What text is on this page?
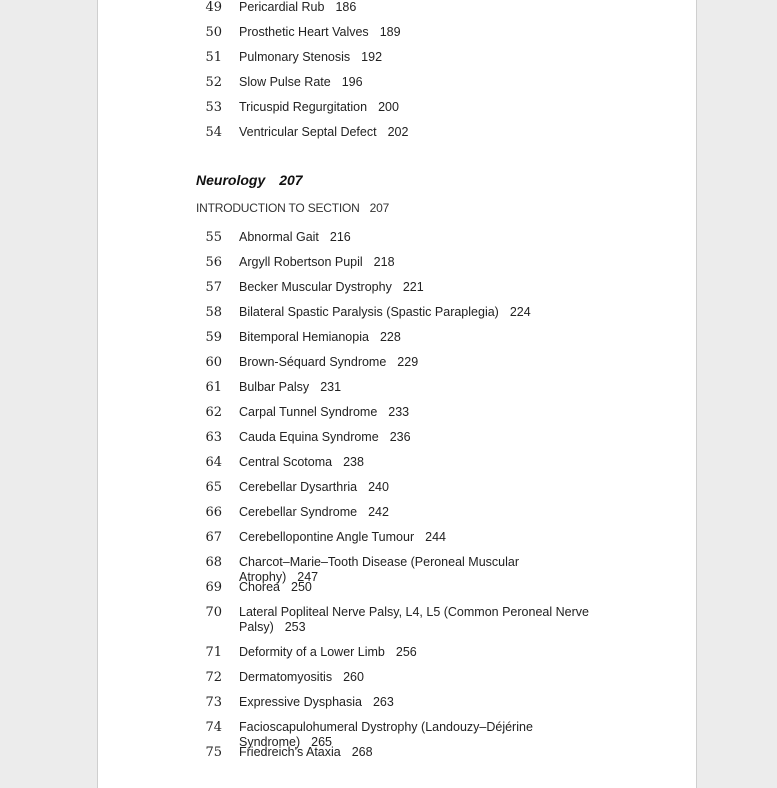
49 Pericardial Rub 186
50 Prosthetic Heart Valves 189
51 Pulmonary Stenosis 192
52 Slow Pulse Rate 196
53 Tricuspid Regurgitation 200
54 Ventricular Septal Defect 202
Neurology 207
INTRODUCTION TO SECTION 207
55 Abnormal Gait 216
56 Argyll Robertson Pupil 218
57 Becker Muscular Dystrophy 221
58 Bilateral Spastic Paralysis (Spastic Paraplegia) 224
59 Bitemporal Hemianopia 228
60 Brown-Séquard Syndrome 229
61 Bulbar Palsy 231
62 Carpal Tunnel Syndrome 233
63 Cauda Equina Syndrome 236
64 Central Scotoma 238
65 Cerebellar Dysarthria 240
66 Cerebellar Syndrome 242
67 Cerebellopontine Angle Tumour 244
68 Charcot–Marie–Tooth Disease (Peroneal Muscular Atrophy) 247
69 Chorea 250
70 Lateral Popliteal Nerve Palsy, L4, L5 (Common Peroneal Nerve Palsy) 253
71 Deformity of a Lower Limb 256
72 Dermatomyositis 260
73 Expressive Dysphasia 263
74 Facioscapulohumeral Dystrophy (Landouzy–Déjérine Syndrome) 265
75 Friedreich's Ataxia 268
